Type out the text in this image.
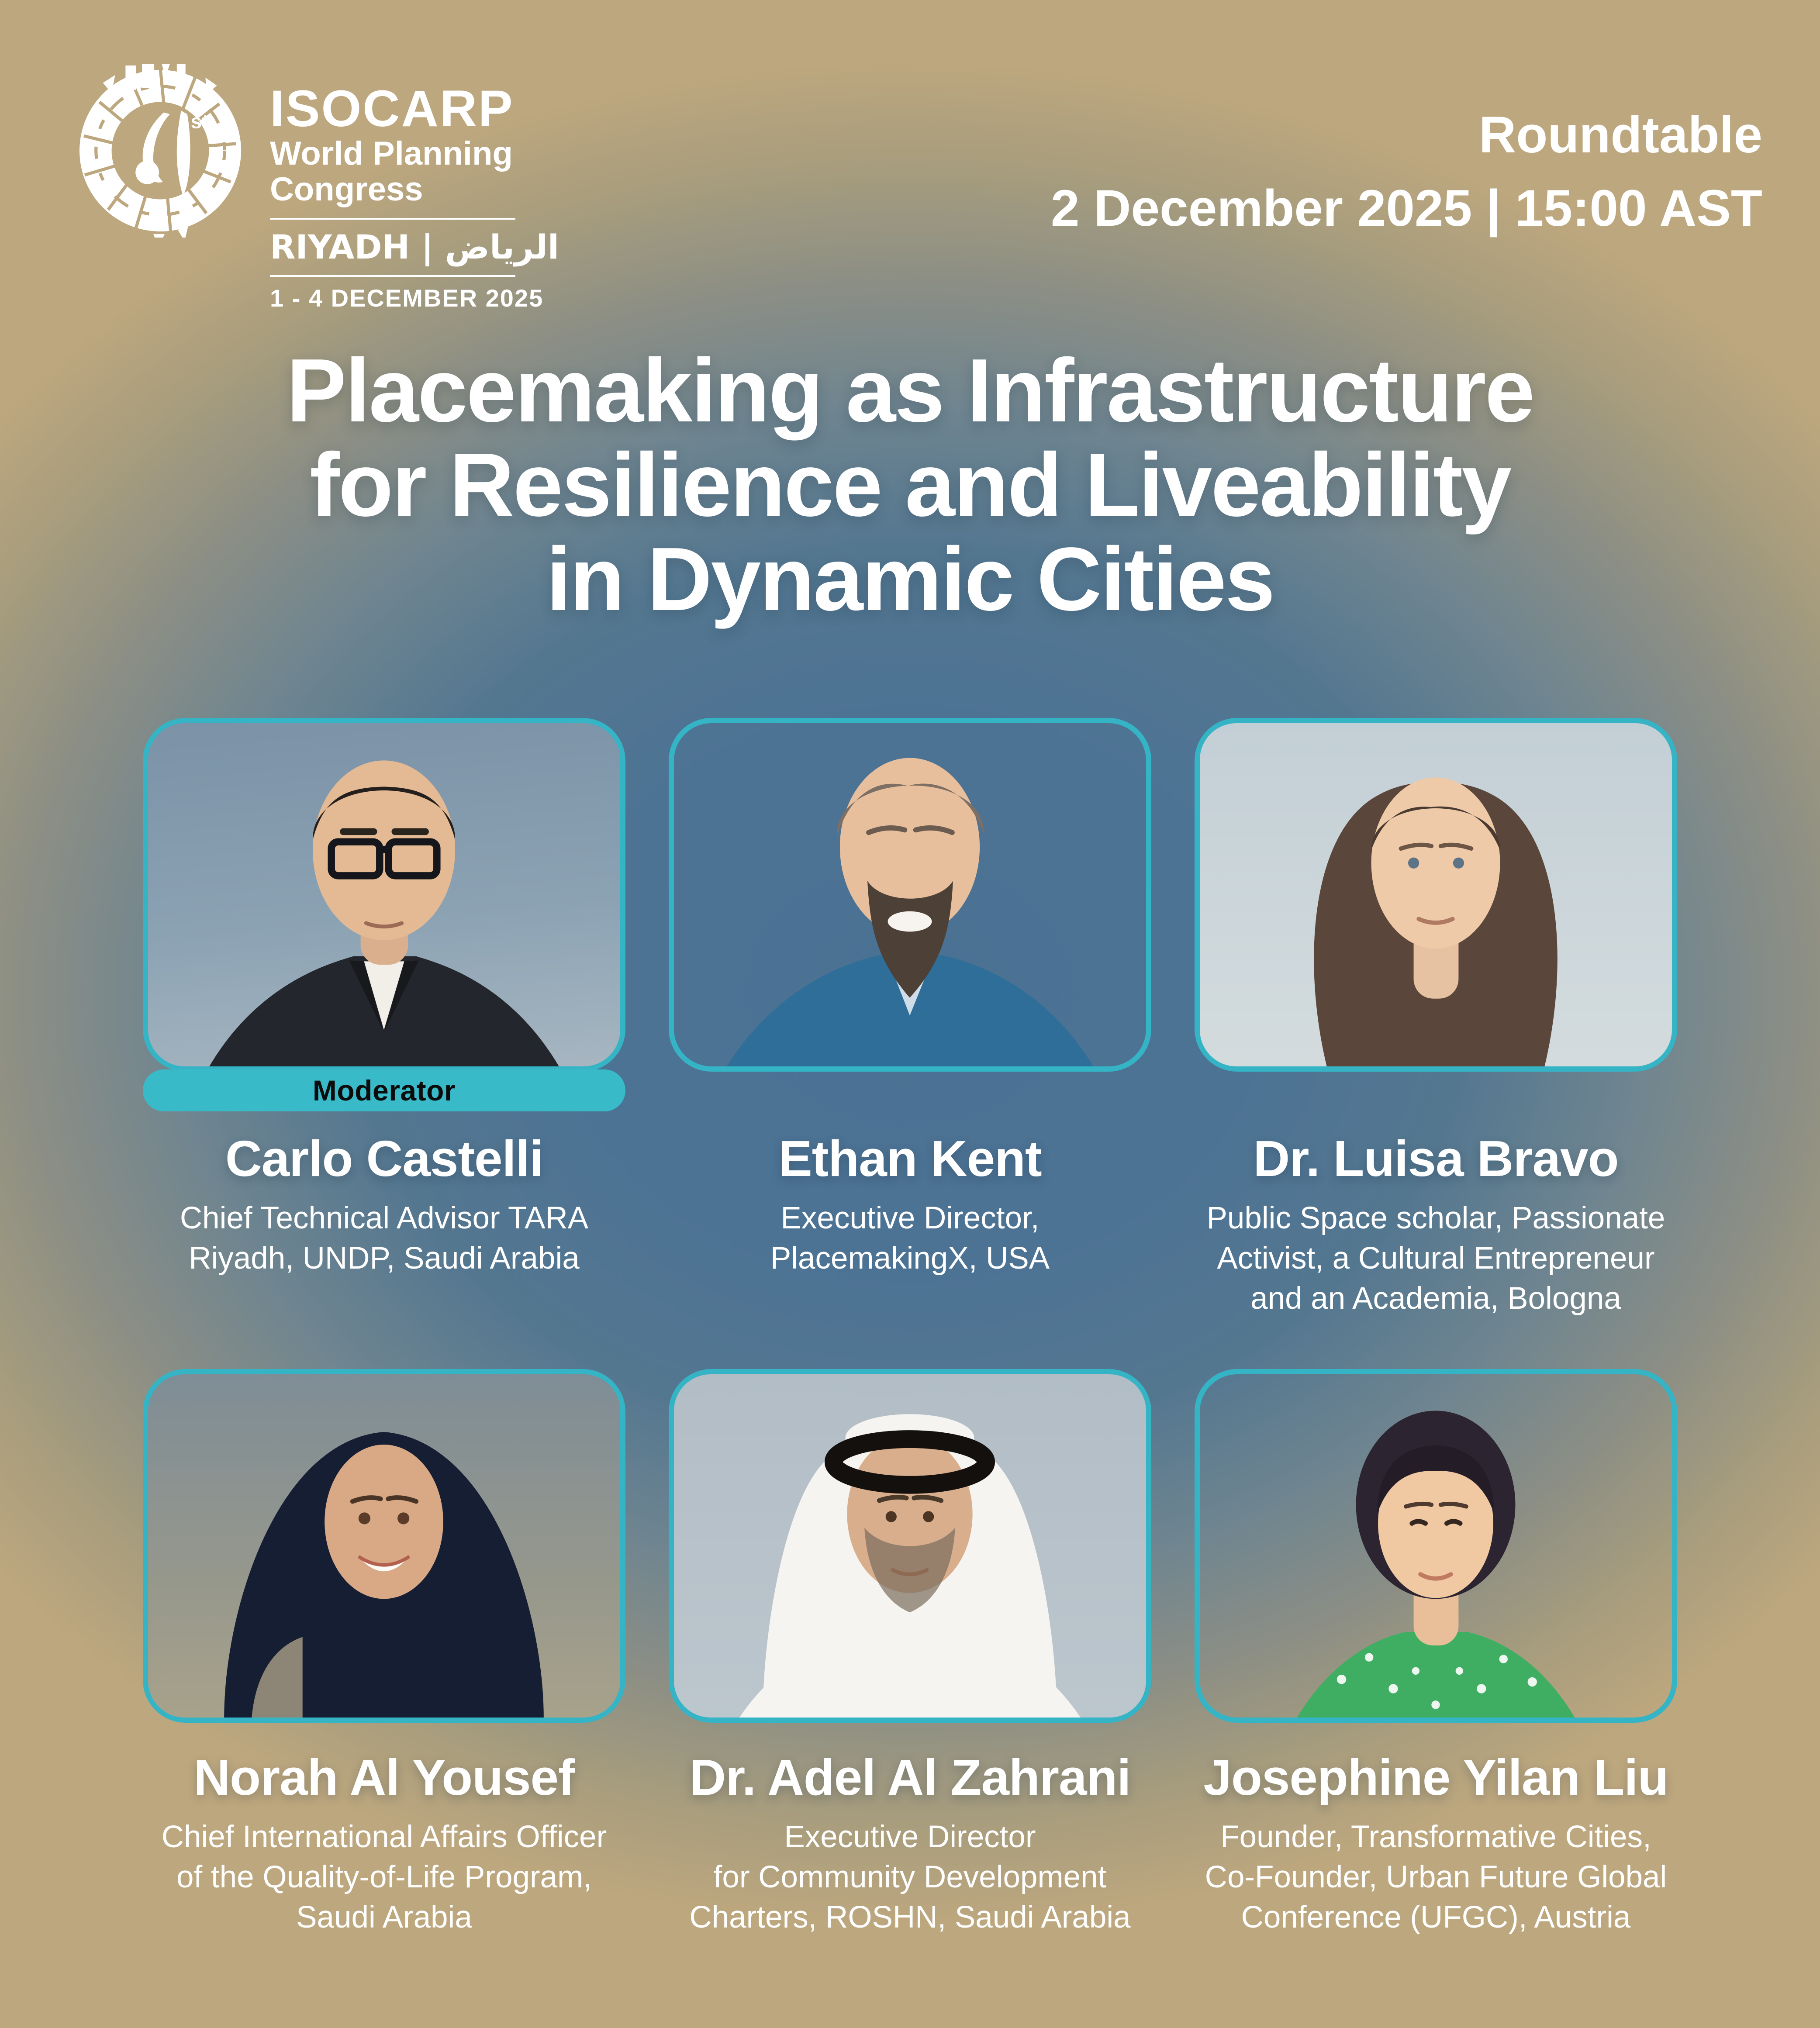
st ISOCARP
World Planning
Congress
RIYADH | الرياض
1 - 4 DECEMBER 2025
Roundtable
2 December 2025 | 15:00 AST
Placemaking as Infrastructure
for Resilience and Liveability
in Dynamic Cities
Moderator
Carlo Castelli

Chief Technical Advisor TARA
Riyadh, UNDP, Saudi Arabia

Ethan Kent

Executive Director,
PlacemakingX, USA

Dr. Luisa Bravo

Public Space scholar, Passionate
Activist, a Cultural Entrepreneur
and an Academia, Bologna

Norah Al Yousef

Chief International Affairs Officer
of the Quality-of-Life Program,
Saudi Arabia

Dr. Adel Al Zahrani

Executive Director
for Community Development
Charters, ROSHN, Saudi Arabia

Josephine Yilan Liu

Founder, Transformative Cities,
Co-Founder, Urban Future Global
Conference (UFGC), Austria
